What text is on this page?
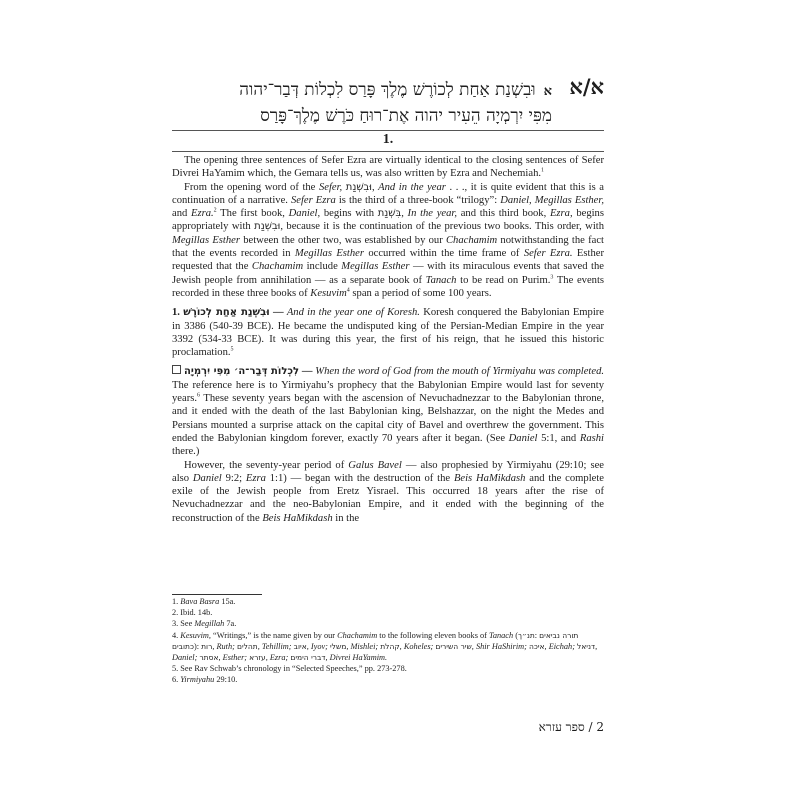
א/א
אוּבִשְׁנַת אַחַת לְכוֹרֶשׁ מֶלֶךְ פָּרַס לִכְלוֹת דְּבַר־יהוה
מִפִּי יִרְמְיָה הֵעִיר יהוה אֶת־רוּחַ כֹּרֶשׁ מֶלֶךְ־פָּרַס
1.

The opening three sentences of Sefer Ezra are virtually identical to the closing sentences of Sefer Divrei HaYamim which, the Gemara tells us, was also written by Ezra and Nechemiah.$^1$

From the opening word of the Sefer, וּבִשְׁנַת, And in the year . . ., it is quite evident that this is a continuation of a narrative. Sefer Ezra is the third of a three-book “trilogy”: Daniel, Megillas Esther, and Ezra.$^2$ The first book, Daniel, begins with בִּשְׁנַת, In the year, and this third book, Ezra, begins appropriately with וּבִשְׁנַת, because it is the continuation of the previous two books. This order, with Megillas Esther between the other two, was established by our Chachamim notwithstanding the fact that the events recorded in Megillas Esther occurred within the time frame of Sefer Ezra. Esther requested that the Chachamim include Megillas Esther — with its miraculous events that saved the Jewish people from annihilation — as a separate book of Tanach to be read on Purim.$^3$ The events recorded in these three books of Kesuvim$^4$ span a period of some 100 years.

1. וּבִשְׁנַת אַחַת לְכוֹרֶשׁ — And in the year one of Koresh. Koresh conquered the Babylonian Empire in 3386 (540-39 BCE). He became the undisputed king of the Persian-Median Empire in the year 3392 (534-33 BCE). It was during this year, the first of his reign, that he issued this historic proclamation.$^5$

לִכְלוֹת דְּבַר־ה׳ מִפִּי יִרְמְיָה — When the word of God from the mouth of Yirmiyahu was completed. The reference here is to Yirmiyahu’s prophecy that the Babylonian Empire would last for seventy years.$^6$ These seventy years began with the ascension of Nevuchadnezzar to the Babylonian throne, and it ended with the death of the last Babylonian king, Belshazzar, on the night the Medes and Persians mounted a surprise attack on the capital city of Bavel and overthrew the government. This ended the Babylonian kingdom forever, exactly 70 years after it began. (See Daniel 5:1, and Rashi there.)

However, the seventy-year period of Galus Bavel — also prophesied by Yirmiyahu (29:10; see also Daniel 9:2; Ezra 1:1) — began with the destruction of the Beis HaMikdash and the complete exile of the Jewish people from Eretz Yisrael. This occurred 18 years after the rise of Nevuchadnezzar and the neo-Babylonian Empire, and it ended with the beginning of the reconstruction of the Beis HaMikdash in the

1. Bava Basra 15a.
2. Ibid. 14b.
3. See Megillah 7a.
4. Kesuvim, “Writings,” is the name given by our Chachamim to the following eleven books of Tanach (תנ״ך: תורה נביאים כתובים): רות, Ruth; תהלים, Tehillim; איוב, Iyov; משלי, Mishlei; קהלת, Koheles; שיר השירים, Shir HaShirim; איכה, Eichah; דניאל, Daniel; אסתר, Esther; עזרא, Ezra; דברי הימים, Divrei HaYamim.
5. See Rav Schwab’s chronology in “Selected Speeches,” pp. 273-278.
6. Yirmiyahu 29:10.
2 / ספר עזרא
